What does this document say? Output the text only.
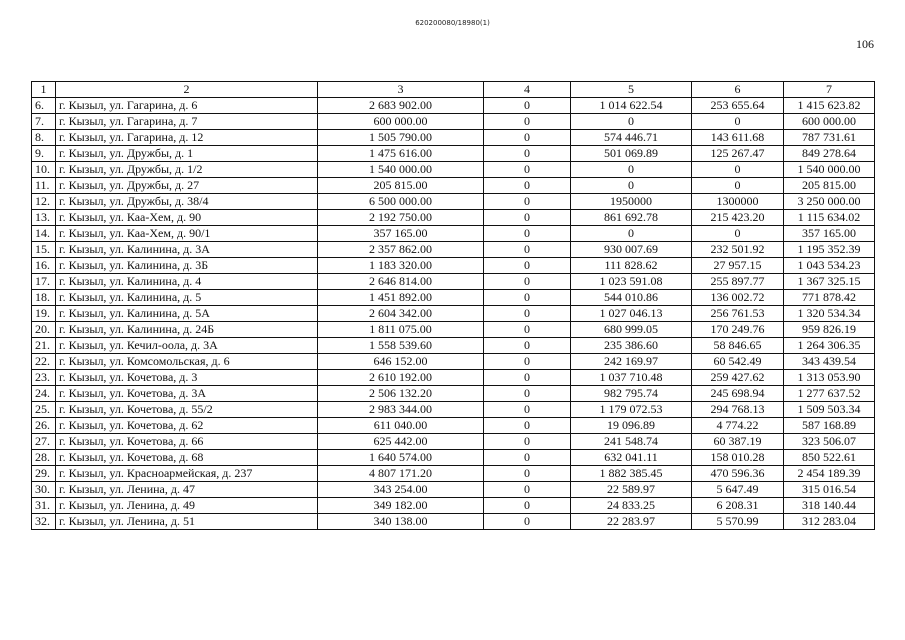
620200080/18980(1)
106
1	2	3	4	5	6	7
6.	г. Кызыл, ул. Гагарина, д. 6	2 683 902.00	0	1 014 622.54	253 655.64	1 415 623.82
7.	г. Кызыл, ул. Гагарина, д. 7	600 000.00	0	0	0	600 000.00
8.	г. Кызыл, ул. Гагарина, д. 12	1 505 790.00	0	574 446.71	143 611.68	787 731.61
9.	г. Кызыл, ул. Дружбы, д. 1	1 475 616.00	0	501 069.89	125 267.47	849 278.64
10.	г. Кызыл, ул. Дружбы, д. 1/2	1 540 000.00	0	0	0	1 540 000.00
11.	г. Кызыл, ул. Дружбы, д. 27	205 815.00	0	0	0	205 815.00
12.	г. Кызыл, ул. Дружбы, д. 38/4	6 500 000.00	0	1950000	1300000	3 250 000.00
13.	г. Кызыл, ул. Каа-Хем, д. 90	2 192 750.00	0	861 692.78	215 423.20	1 115 634.02
14.	г. Кызыл, ул. Каа-Хем, д. 90/1	357 165.00	0	0	0	357 165.00
15.	г. Кызыл, ул. Калинина, д. 3А	2 357 862.00	0	930 007.69	232 501.92	1 195 352.39
16.	г. Кызыл, ул. Калинина, д. 3Б	1 183 320.00	0	111 828.62	27 957.15	1 043 534.23
17.	г. Кызыл, ул. Калинина, д. 4	2 646 814.00	0	1 023 591.08	255 897.77	1 367 325.15
18.	г. Кызыл, ул. Калинина, д. 5	1 451 892.00	0	544 010.86	136 002.72	771 878.42
19.	г. Кызыл, ул. Калинина, д. 5А	2 604 342.00	0	1 027 046.13	256 761.53	1 320 534.34
20.	г. Кызыл, ул. Калинина, д. 24Б	1 811 075.00	0	680 999.05	170 249.76	959 826.19
21.	г. Кызыл, ул. Кечил-оола, д. 3А	1 558 539.60	0	235 386.60	58 846.65	1 264 306.35
22.	г. Кызыл, ул. Комсомольская, д. 6	646 152.00	0	242 169.97	60 542.49	343 439.54
23.	г. Кызыл, ул. Кочетова, д. 3	2 610 192.00	0	1 037 710.48	259 427.62	1 313 053.90
24.	г. Кызыл, ул. Кочетова, д. 3А	2 506 132.20	0	982 795.74	245 698.94	1 277 637.52
25.	г. Кызыл, ул. Кочетова, д. 55/2	2 983 344.00	0	1 179 072.53	294 768.13	1 509 503.34
26.	г. Кызыл, ул. Кочетова, д. 62	611 040.00	0	19 096.89	4 774.22	587 168.89
27.	г. Кызыл, ул. Кочетова, д. 66	625 442.00	0	241 548.74	60 387.19	323 506.07
28.	г. Кызыл, ул. Кочетова, д. 68	1 640 574.00	0	632 041.11	158 010.28	850 522.61
29.	г. Кызыл, ул. Красноармейская, д. 237	4 807 171.20	0	1 882 385.45	470 596.36	2 454 189.39
30.	г. Кызыл, ул. Ленина, д. 47	343 254.00	0	22 589.97	5 647.49	315 016.54
31.	г. Кызыл, ул. Ленина, д. 49	349 182.00	0	24 833.25	6 208.31	318 140.44
32.	г. Кызыл, ул. Ленина, д. 51	340 138.00	0	22 283.97	5 570.99	312 283.04
